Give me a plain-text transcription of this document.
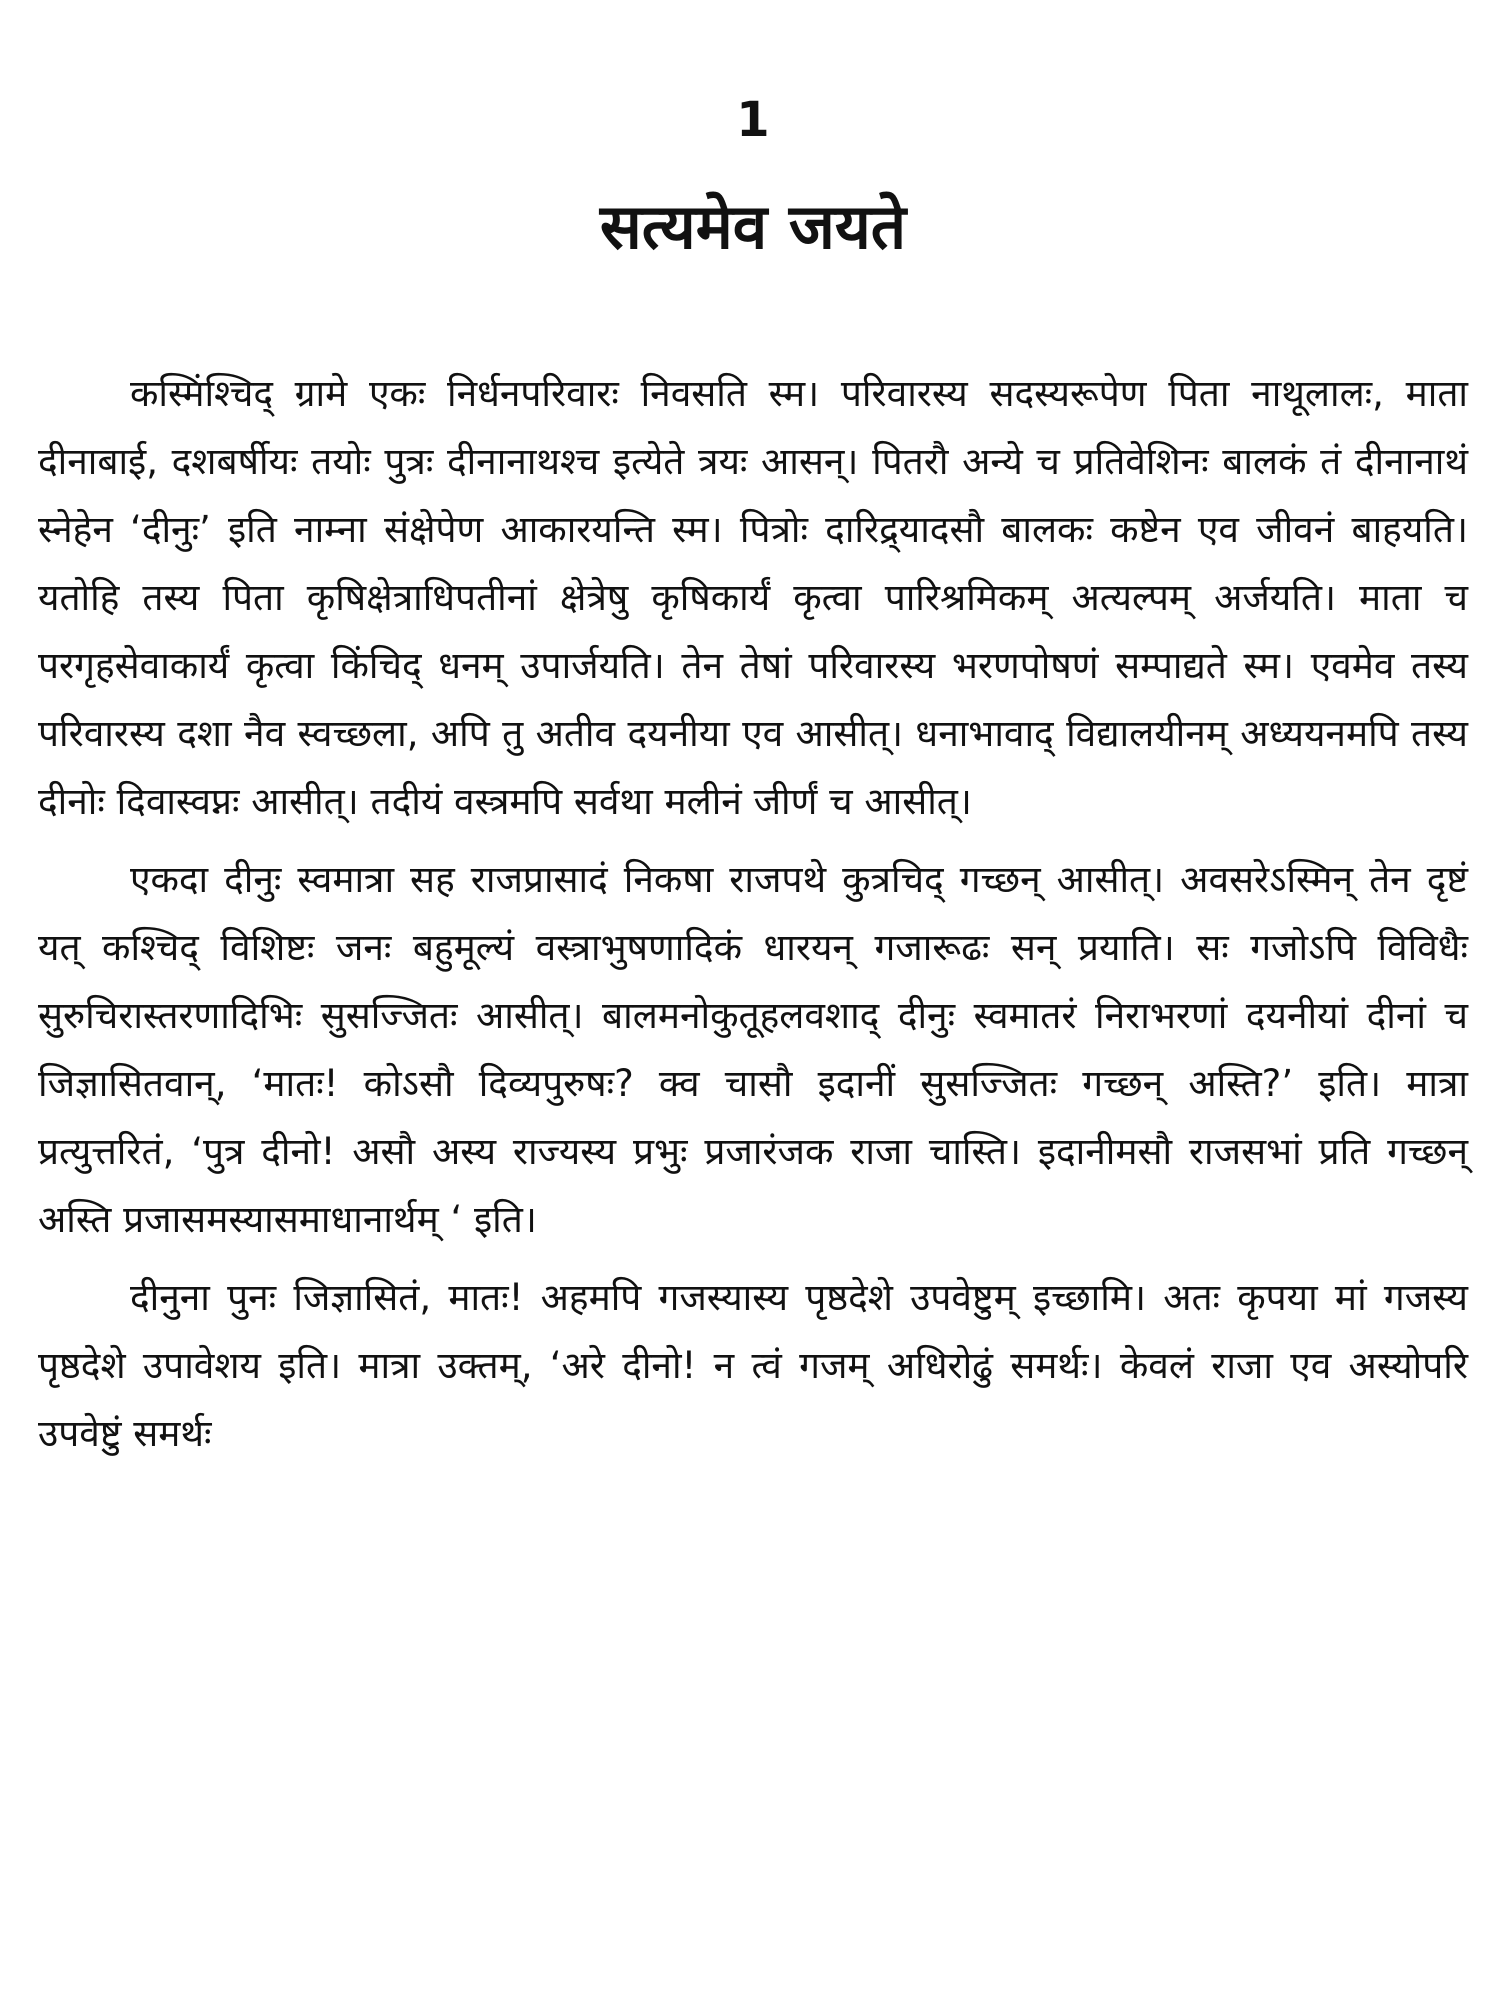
1
सत्यमेव जयते

कस्मिंश्चिद् ग्रामे एकः निर्धनपरिवारः निवसति स्म। परिवारस्य सदस्यरूपेण पिता नाथूलालः, माता दीनाबाई, दशबर्षीयः तयोः पुत्रः दीनानाथश्च इत्येते त्रयः आसन्। पितरौ अन्ये च प्रतिवेशिनः बालकं तं दीनानाथं स्नेहेन ‘दीनुः’ इति नाम्ना संक्षेपेण आकारयन्ति स्म। पित्रोः दारिद्र्यादसौ बालकः कष्टेन एव जीवनं बाहयति। यतोहि तस्य पिता कृषिक्षेत्राधिपतीनां क्षेत्रेषु कृषिकार्यं कृत्वा पारिश्रमिकम् अत्यल्पम् अर्जयति। माता च परगृहसेवाकार्यं कृत्वा किंचिद् धनम् उपार्जयति। तेन तेषां परिवारस्य भरणपोषणं सम्पाद्यते स्म। एवमेव तस्य परिवारस्य दशा नैव स्वच्छला, अपि तु अतीव दयनीया एव आसीत्। धनाभावाद् विद्यालयीनम् अध्ययनमपि तस्य दीनोः दिवास्वप्नः आसीत्। तदीयं वस्त्रमपि सर्वथा मलीनं जीर्णं च आसीत्।

एकदा दीनुः स्वमात्रा सह राजप्रासादं निकषा राजपथे कुत्रचिद् गच्छन् आसीत्। अवसरेऽस्मिन् तेन दृष्टं यत् कश्चिद् विशिष्टः जनः बहुमूल्यं वस्त्राभुषणादिकं धारयन् गजारूढः सन् प्रयाति। सः गजोऽपि विविधैः सुरुचिरास्तरणादिभिः सुसज्जितः आसीत्। बालमनोकुतूहलवशाद् दीनुः स्वमातरं निराभरणां दयनीयां दीनां च जिज्ञासितवान्, ‘मातः! कोऽसौ दिव्यपुरुषः? क्व चासौ इदानीं सुसज्जितः गच्छन् अस्ति?’ इति। मात्रा प्रत्युत्तरितं, ‘पुत्र दीनो! असौ अस्य राज्यस्य प्रभुः प्रजारंजक राजा चास्ति। इदानीमसौ राजसभां प्रति गच्छन् अस्ति प्रजासमस्यासमाधानार्थम् ‘ इति।

दीनुना पुनः जिज्ञासितं, मातः! अहमपि गजस्यास्य पृष्ठदेशे उपवेष्टुम् इच्छामि। अतः कृपया मां गजस्य पृष्ठदेशे उपावेशय इति। मात्रा उक्तम्, ‘अरे दीनो! न त्वं गजम् अधिरोढुं समर्थः। केवलं राजा एव अस्योपरि उपवेष्टुं समर्थः
